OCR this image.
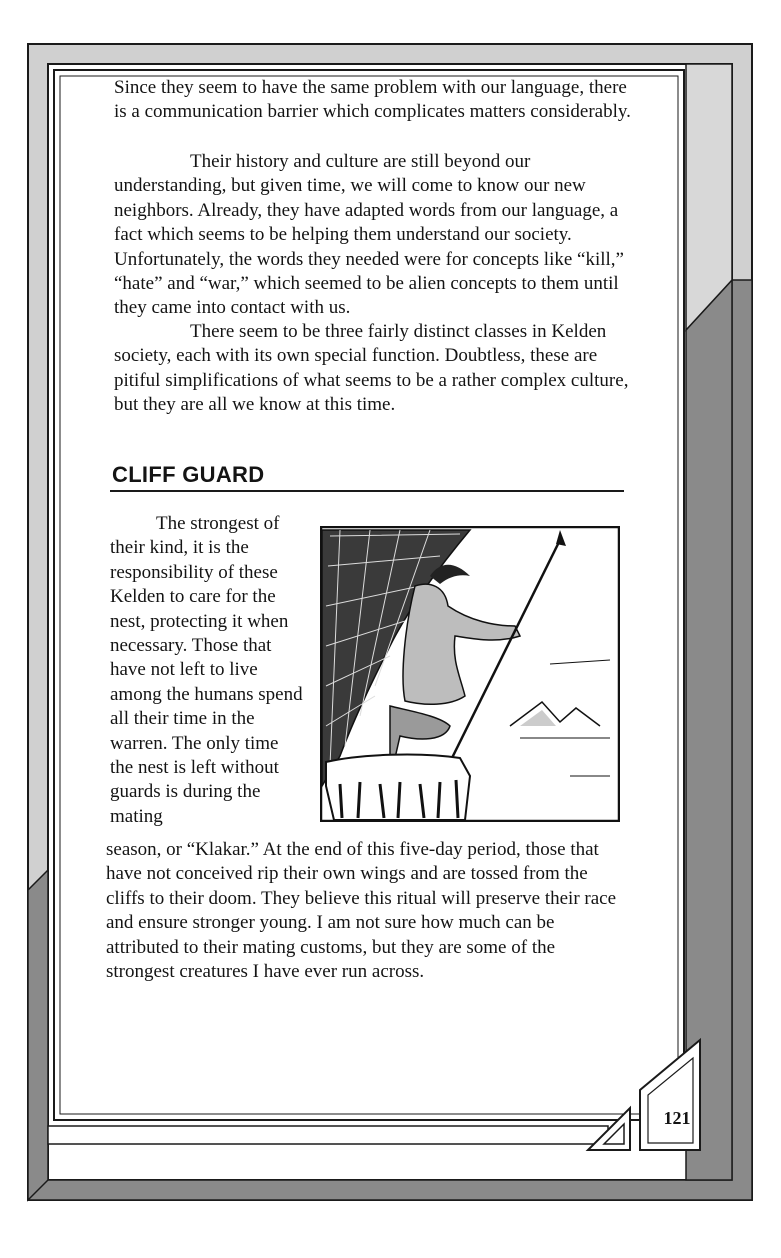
Since they seem to have the same problem with our language, there is a communication barrier which complicates matters considerably.

Their history and culture are still beyond our understanding, but given time, we will come to know our new neighbors. Already, they have adapted words from our language, a fact which seems to be helping them understand our society. Unfortunately, the words they needed were for concepts like “kill,” “hate” and “war,” which seemed to be alien concepts to them until they came into contact with us.

There seem to be three fairly distinct classes in Kelden society, each with its own special function. Doubtless, these are pitiful simplifications of what seems to be a rather complex culture, but they are all we know at this time.

CLIFF GUARD

The strongest of their kind, it is the responsibility of these Kelden to care for the nest, protecting it when necessary. Those that have not left to live among the humans spend all their time in the warren. The only time the nest is left without guards is during the mating

season, or “Klakar.” At the end of this five-day period, those that have not conceived rip their own wings and are tossed from the cliffs to their doom. They believe this ritual will preserve their race and ensure stronger young. I am not sure how much can be attributed to their mating customs, but they are some of the strongest creatures I have ever run across.

121
